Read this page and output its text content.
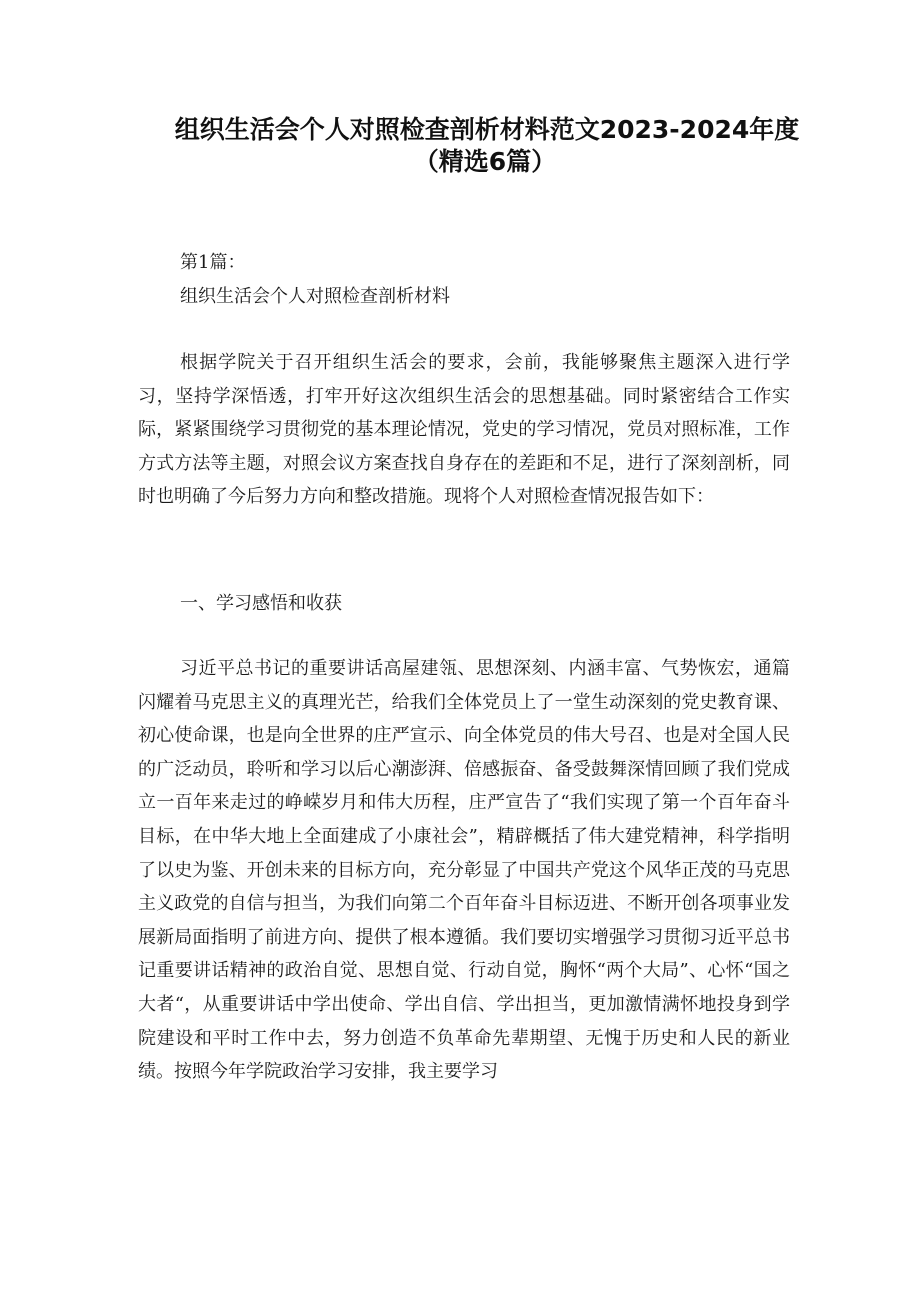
组织生活会个人对照检查剖析材料范文2023-2024年度
（精选6篇）

第1篇：

组织生活会个人对照检查剖析材料

根据学院关于召开组织生活会的要求，会前，我能够聚焦主题深入进行学习，坚持学深悟透，打牢开好这次组织生活会的思想基础。同时紧密结合工作实际，紧紧围绕学习贯彻党的基本理论情况，党史的学习情况，党员对照标准，工作方式方法等主题，对照会议方案查找自身存在的差距和不足，进行了深刻剖析，同时也明确了今后努力方向和整改措施。现将个人对照检查情况报告如下：

一、学习感悟和收获

习近平总书记的重要讲话高屋建瓴、思想深刻、内涵丰富、气势恢宏，通篇闪耀着马克思主义的真理光芒，给我们全体党员上了一堂生动深刻的党史教育课、初心使命课，也是向全世界的庄严宣示、向全体党员的伟大号召、也是对全国人民的广泛动员，聆听和学习以后心潮澎湃、倍感振奋、备受鼓舞深情回顾了我们党成立一百年来走过的峥嵘岁月和伟大历程，庄严宣告了“我们实现了第一个百年奋斗目标，在中华大地上全面建成了小康社会”，精辟概括了伟大建党精神，科学指明了以史为鉴、开创未来的目标方向，充分彰显了中国共产党这个风华正茂的马克思主义政党的自信与担当，为我们向第二个百年奋斗目标迈进、不断开创各项事业发展新局面指明了前进方向、提供了根本遵循。我们要切实增强学习贯彻习近平总书记重要讲话精神的政治自觉、思想自觉、行动自觉，胸怀“两个大局”、心怀“国之大者“，从重要讲话中学出使命、学出自信、学出担当，更加激情满怀地投身到学院建设和平时工作中去，努力创造不负革命先辈期望、无愧于历史和人民的新业绩。按照今年学院政治学习安排，我主要学习
